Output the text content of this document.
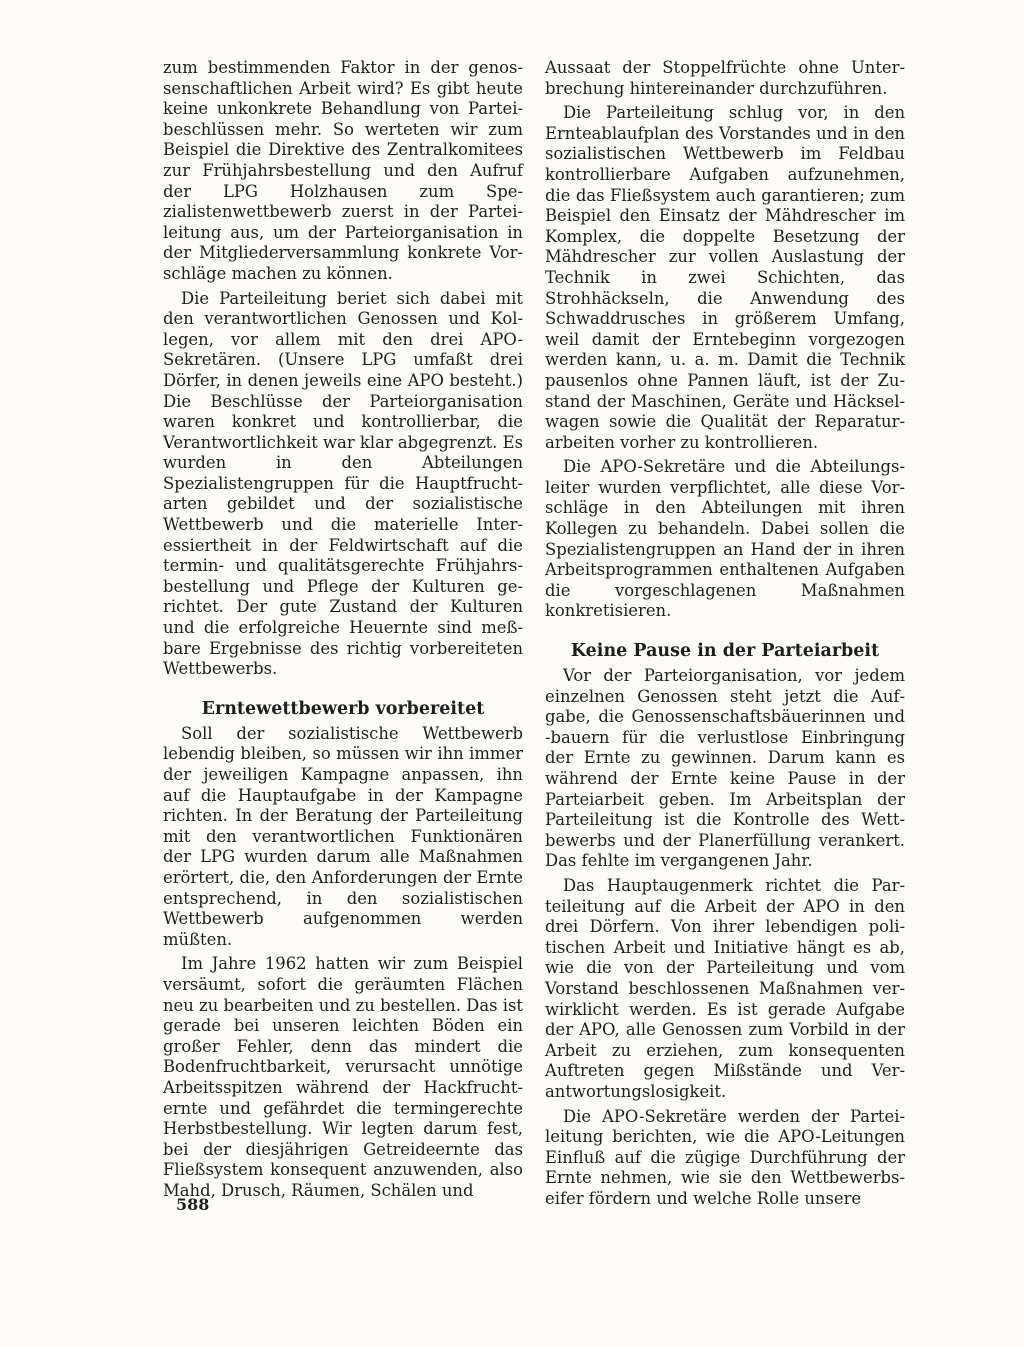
zum bestimmenden Faktor in der genossenschaftlichen Arbeit wird? Es gibt heute keine unkonkrete Behandlung von Parteibeschlüssen mehr. So werteten wir zum Beispiel die Direktive des Zentralkomitees zur Frühjahrsbestellung und den Aufruf der LPG Holzhausen zum Spezialistenwettbewerb zuerst in der Parteileitung aus, um der Parteiorganisation in der Mitgliederversammlung konkrete Vorschläge machen zu können.

Die Parteileitung beriet sich dabei mit den verantwortlichen Genossen und Kollegen, vor allem mit den drei APO-Sekretären. (Unsere LPG umfaßt drei Dörfer, in denen jeweils eine APO besteht.) Die Beschlüsse der Parteiorganisation waren konkret und kontrollierbar, die Verantwortlichkeit war klar abgegrenzt. Es wurden in den Abteilungen Spezialistengruppen für die Hauptfruchtarten gebildet und der sozialistische Wettbewerb und die materielle Interessiertheit in der Feldwirtschaft auf die termin- und qualitätsgerechte Frühjahrsbestellung und Pflege der Kulturen gerichtet. Der gute Zustand der Kulturen und die erfolgreiche Heuernte sind meßbare Ergebnisse des richtig vorbereiteten Wettbewerbs.

Erntewettbewerb vorbereitet

Soll der sozialistische Wettbewerb lebendig bleiben, so müssen wir ihn immer der jeweiligen Kampagne anpassen, ihn auf die Hauptaufgabe in der Kampagne richten. In der Beratung der Parteileitung mit den verantwortlichen Funktionären der LPG wurden darum alle Maßnahmen erörtert, die, den Anforderungen der Ernte entsprechend, in den sozialistischen Wettbewerb aufgenommen werden müßten.

Im Jahre 1962 hatten wir zum Beispiel versäumt, sofort die geräumten Flächen neu zu bearbeiten und zu bestellen. Das ist gerade bei unseren leichten Böden ein großer Fehler, denn das mindert die Bodenfruchtbarkeit, verursacht unnötige Arbeitsspitzen während der Hackfruchternte und gefährdet die termingerechte Herbstbestellung. Wir legten darum fest, bei der diesjährigen Getreideernte das Fließsystem konsequent anzuwenden, also Mahd, Drusch, Räumen, Schälen und

Aussaat der Stoppelfrüchte ohne Unterbrechung hintereinander durchzuführen.

Die Parteileitung schlug vor, in den Ernteablaufplan des Vorstandes und in den sozialistischen Wettbewerb im Feldbau kontrollierbare Aufgaben aufzunehmen, die das Fließsystem auch garantieren; zum Beispiel den Einsatz der Mähdrescher im Komplex, die doppelte Besetzung der Mähdrescher zur vollen Auslastung der Technik in zwei Schichten, das Strohhäckseln, die Anwendung des Schwaddrusches in größerem Umfang, weil damit der Erntebeginn vorgezogen werden kann, u. a. m. Damit die Technik pausenlos ohne Pannen läuft, ist der Zustand der Maschinen, Geräte und Häckselwagen sowie die Qualität der Reparaturarbeiten vorher zu kontrollieren.

Die APO-Sekretäre und die Abteilungsleiter wurden verpflichtet, alle diese Vorschläge in den Abteilungen mit ihren Kollegen zu behandeln. Dabei sollen die Spezialistengruppen an Hand der in ihren Arbeitsprogrammen enthaltenen Aufgaben die vorgeschlagenen Maßnahmen konkretisieren.

Keine Pause in der Parteiarbeit

Vor der Parteiorganisation, vor jedem einzelnen Genossen steht jetzt die Aufgabe, die Genossenschaftsbäuerinnen und -bauern für die verlustlose Einbringung der Ernte zu gewinnen. Darum kann es während der Ernte keine Pause in der Parteiarbeit geben. Im Arbeitsplan der Parteileitung ist die Kontrolle des Wettbewerbs und der Planerfüllung verankert. Das fehlte im vergangenen Jahr.

Das Hauptaugenmerk richtet die Parteileitung auf die Arbeit der APO in den drei Dörfern. Von ihrer lebendigen politischen Arbeit und Initiative hängt es ab, wie die von der Parteileitung und vom Vorstand beschlossenen Maßnahmen verwirklicht werden. Es ist gerade Aufgabe der APO, alle Genossen zum Vorbild in der Arbeit zu erziehen, zum konsequenten Auftreten gegen Mißstände und Verantwortungslosigkeit.

Die APO-Sekretäre werden der Parteileitung berichten, wie die APO-Leitungen Einfluß auf die zügige Durchführung der Ernte nehmen, wie sie den Wettbewerbseifer fördern und welche Rolle unsere

588
